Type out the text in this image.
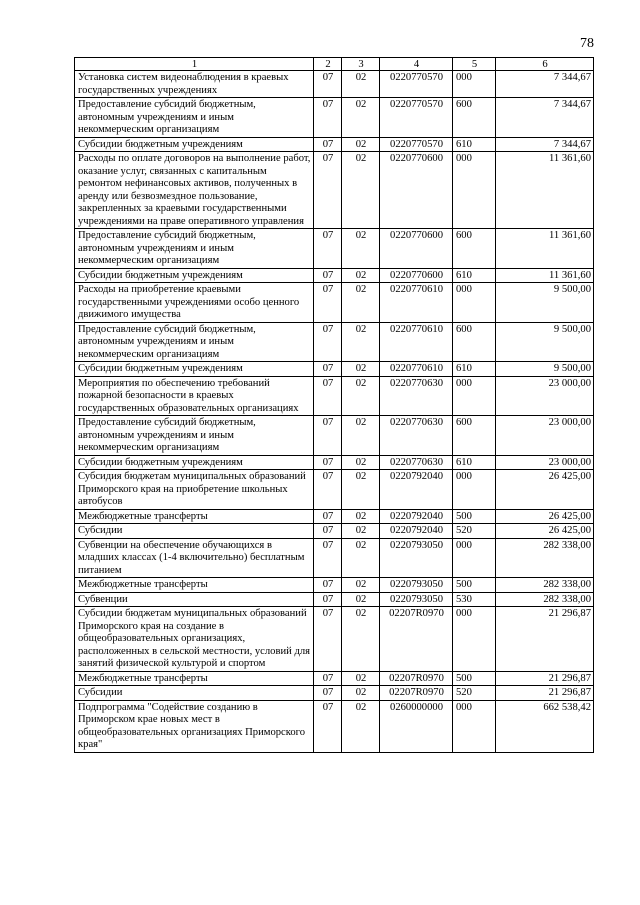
78
1	2	3	4	5	6
Установка систем видеонаблюдения в краевых государственных учреждениях	07	02	0220770570	000	7 344,67
Предоставление субсидий бюджетным, автономным учреждениям и иным некоммерческим организациям	07	02	0220770570	600	7 344,67
Субсидии бюджетным учреждениям	07	02	0220770570	610	7 344,67
Расходы по оплате договоров на выполнение работ, оказание услуг, связанных с капитальным ремонтом нефинансовых активов, полученных в аренду или безвозмездное пользование, закрепленных за краевыми государственными учреждениями на праве оперативного управления	07	02	0220770600	000	11 361,60
Предоставление субсидий бюджетным, автономным учреждениям и иным некоммерческим организациям	07	02	0220770600	600	11 361,60
Субсидии бюджетным учреждениям	07	02	0220770600	610	11 361,60
Расходы на приобретение краевыми государственными учреждениями особо ценного движимого имущества	07	02	0220770610	000	9 500,00
Предоставление субсидий бюджетным, автономным учреждениям и иным некоммерческим организациям	07	02	0220770610	600	9 500,00
Субсидии бюджетным учреждениям	07	02	0220770610	610	9 500,00
Мероприятия по обеспечению требований пожарной безопасности в краевых государственных образовательных организациях	07	02	0220770630	000	23 000,00
Предоставление субсидий бюджетным, автономным учреждениям и иным некоммерческим организациям	07	02	0220770630	600	23 000,00
Субсидии бюджетным учреждениям	07	02	0220770630	610	23 000,00
Субсидия бюджетам муниципальных образований Приморского края на приобретение школьных автобусов	07	02	0220792040	000	26 425,00
Межбюджетные трансферты	07	02	0220792040	500	26 425,00
Субсидии	07	02	0220792040	520	26 425,00
Субвенции на обеспечение обучающихся в младших классах (1-4 включительно) бесплатным питанием	07	02	0220793050	000	282 338,00
Межбюджетные трансферты	07	02	0220793050	500	282 338,00
Субвенции	07	02	0220793050	530	282 338,00
Субсидии бюджетам муниципальных образований Приморского края на создание в общеобразовательных организациях, расположенных в сельской местности, условий для занятий физической культурой и спортом	07	02	02207R0970	000	21 296,87
Межбюджетные трансферты	07	02	02207R0970	500	21 296,87
Субсидии	07	02	02207R0970	520	21 296,87
Подпрограмма "Содействие созданию в Приморском крае новых мест в общеобразовательных организациях Приморского края"	07	02	0260000000	000	662 538,42
